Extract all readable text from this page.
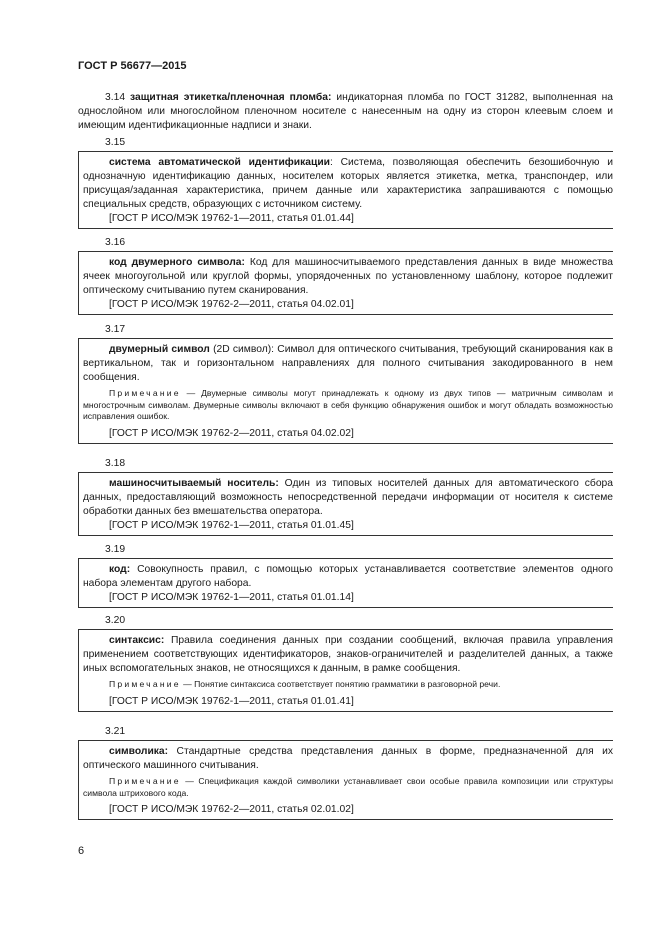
ГОСТ Р 56677—2015
3.14 защитная этикетка/пленочная пломба: индикаторная пломба по ГОСТ 31282, выполненная на однослойном или многослойном пленочном носителе с нанесенным на одну из сторон клеевым слоем и имеющим идентификационные надписи и знаки.
3.15

система автоматической идентификации: Система, позволяющая обеспечить безошибочную и однозначную идентификацию данных, носителем которых является этикетка, метка, транспондер, или присущая/заданная характеристика, причем данные или характеристика запрашиваются с помощью специальных средств, образующих с источником систему.

[ГОСТ Р ИСО/МЭК 19762-1—2011, статья 01.01.44]

3.16

код двумерного символа: Код для машиносчитываемого представления данных в виде множества ячеек многоугольной или круглой формы, упорядоченных по установленному шаблону, которое подлежит оптическому считыванию путем сканирования.

[ГОСТ Р ИСО/МЭК 19762-2—2011, статья 04.02.01]

3.17

двумерный символ (2D символ): Символ для оптического считывания, требующий сканирования как в вертикальном, так и горизонтальном направлениях для полного считывания закодированного в нем сообщения.

Примечание — Двумерные символы могут принадлежать к одному из двух типов — матричным символам и многострочным символам. Двумерные символы включают в себя функцию обнаружения ошибок и могут обладать возможностью исправления ошибок.

[ГОСТ Р ИСО/МЭК 19762-2—2011, статья 04.02.02]

3.18

машиносчитываемый носитель: Один из типовых носителей данных для автоматического сбора данных, предоставляющий возможность непосредственной передачи информации от носителя к системе обработки данных без вмешательства оператора.

[ГОСТ Р ИСО/МЭК 19762-1—2011, статья 01.01.45]

3.19

код: Совокупность правил, с помощью которых устанавливается соответствие элементов одного набора элементам другого набора.

[ГОСТ Р ИСО/МЭК 19762-1—2011, статья 01.01.14]

3.20

синтаксис: Правила соединения данных при создании сообщений, включая правила управления применением соответствующих идентификаторов, знаков-ограничителей и разделителей данных, а также иных вспомогательных знаков, не относящихся к данным, в рамке сообщения.

Примечание — Понятие синтаксиса соответствует понятию грамматики в разговорной речи.

[ГОСТ Р ИСО/МЭК 19762-1—2011, статья 01.01.41]

3.21

символика: Стандартные средства представления данных в форме, предназначенной для их оптического машинного считывания.

Примечание — Спецификация каждой символики устанавливает свои особые правила композиции или структуры символа штрихового кода.

[ГОСТ Р ИСО/МЭК 19762-2—2011, статья 02.01.02]

6
